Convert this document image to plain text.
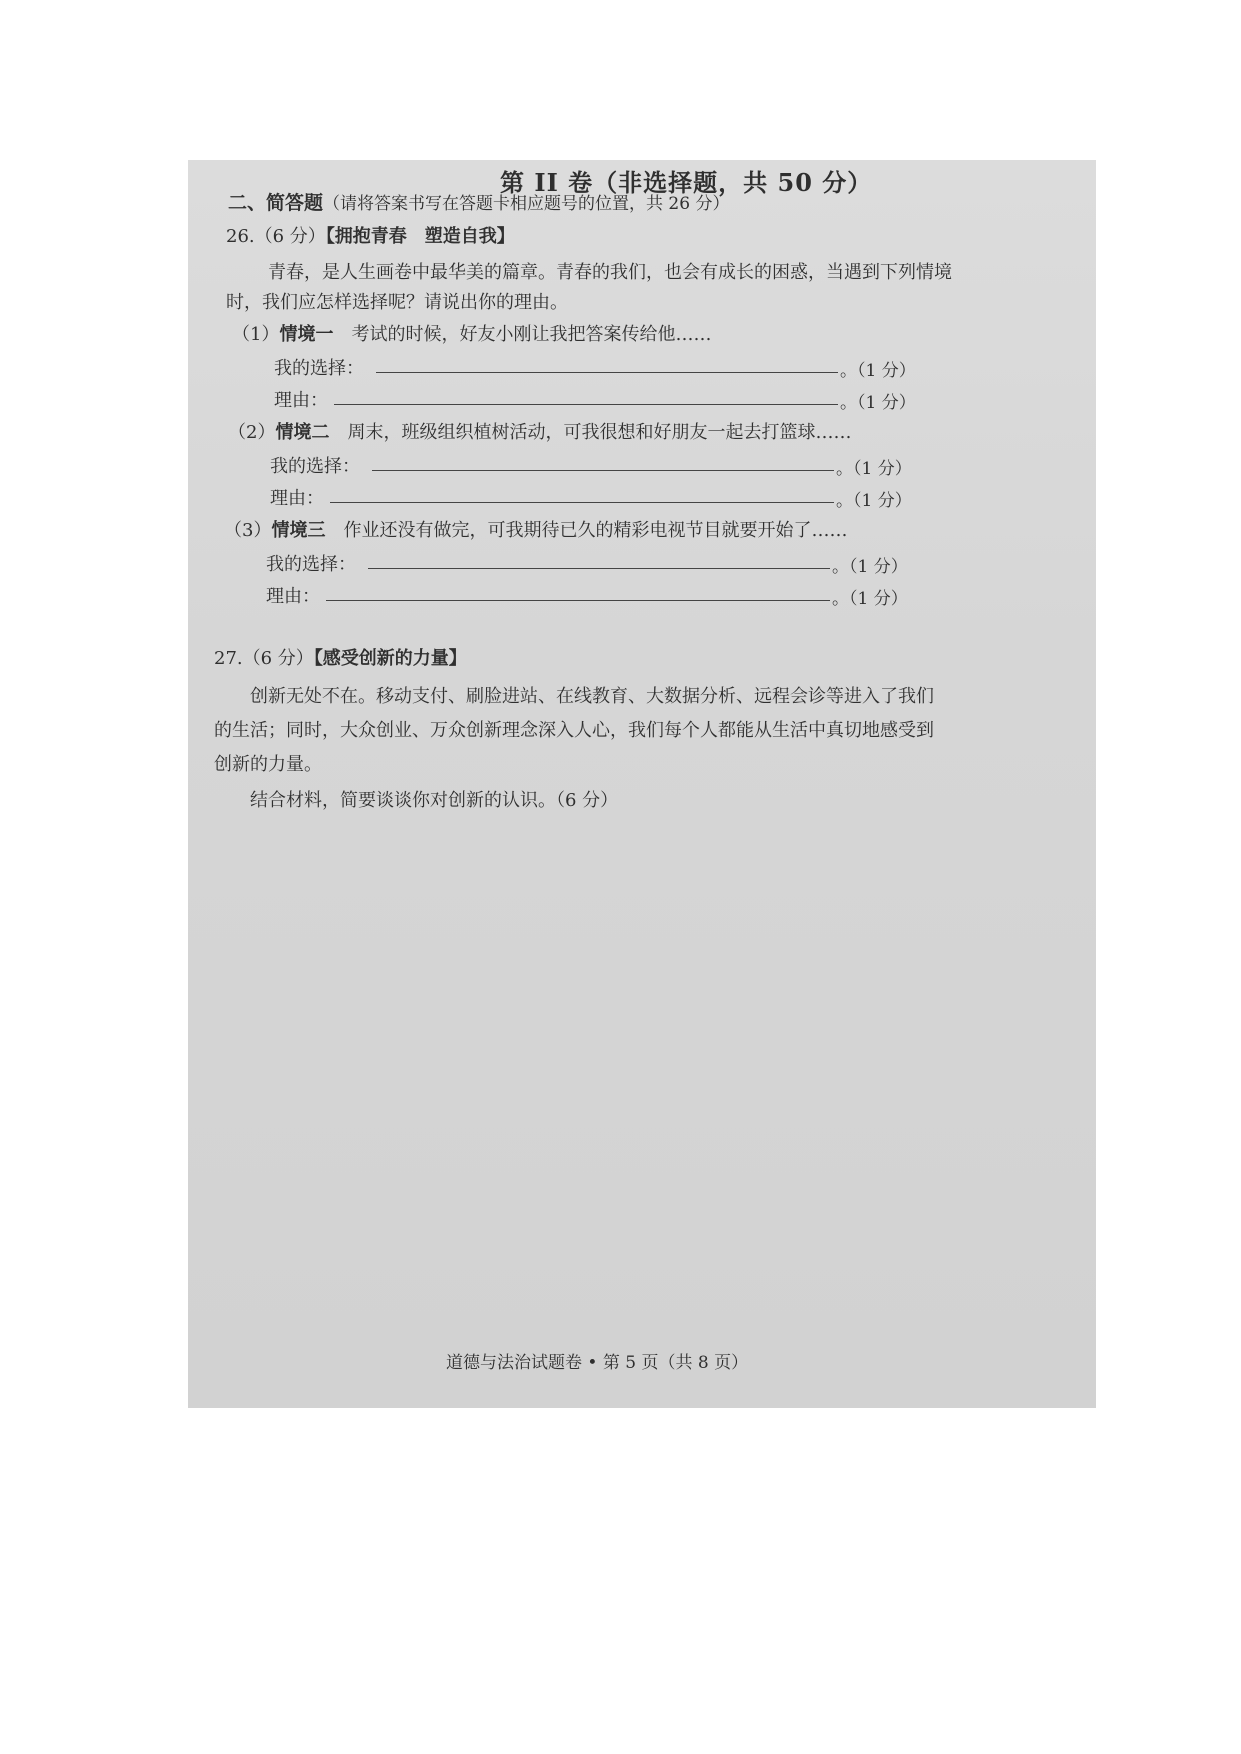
第 II 卷（非选择题，共 50 分）
二、简答题（请将答案书写在答题卡相应题号的位置，共 26 分）
26.（6 分）【拥抱青春　塑造自我】
青春，是人生画卷中最华美的篇章。青春的我们，也会有成长的困惑，当遇到下列情境
时，我们应怎样选择呢？请说出你的理由。
（1）情境一　 考试的时候，好友小刚让我把答案传给他……
我的选择：	。（1 分）
理由：	。（1 分）
（2）情境二　 周末，班级组织植树活动，可我很想和好朋友一起去打篮球……
我的选择：	。（1 分）
理由：	。（1 分）
（3）情境三　 作业还没有做完，可我期待已久的精彩电视节目就要开始了……
我的选择：	。（1 分）
理由：	。（1 分）
27.（6 分）【感受创新的力量】
创新无处不在。移动支付、刷脸进站、在线教育、大数据分析、远程会诊等进入了我们
的生活；同时，大众创业、万众创新理念深入人心，我们每个人都能从生活中真切地感受到
创新的力量。
结合材料，简要谈谈你对创新的认识。（6 分）
道德与法治试题卷 • 第 5 页（共 8 页）
